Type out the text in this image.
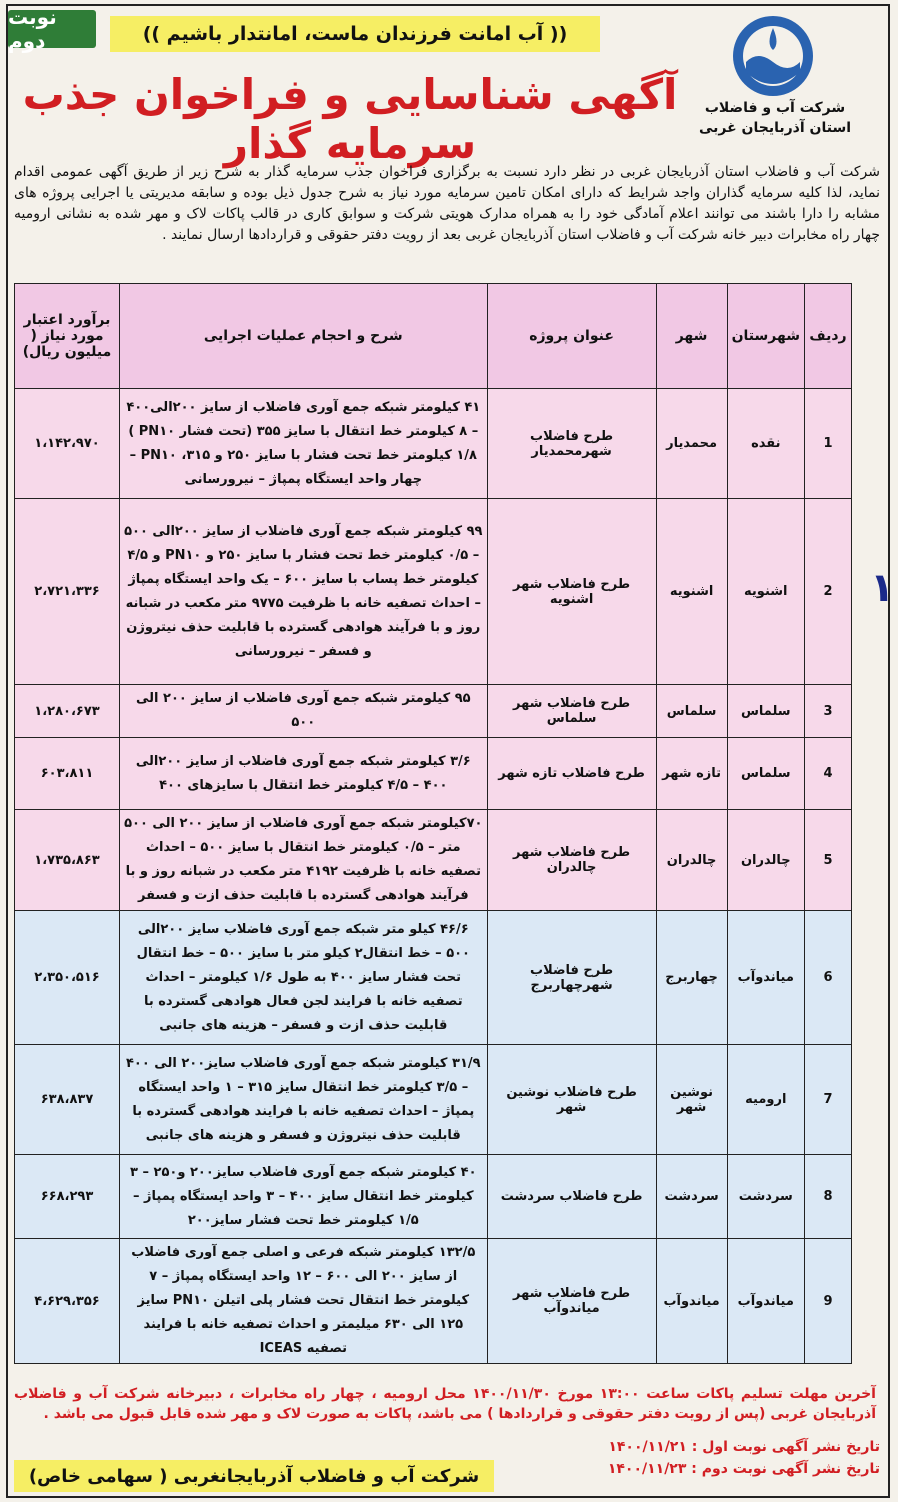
نوبت دوم	(( آب امانت فرزندان ماست، امانتدار باشیم ))
شرکت آب و فاضلاب
استان آذربایجان غربی
آگهی شناسایی و فراخوان جذب سرمایه گذار
شرکت آب و فاضلاب استان آذربایجان غربی در نظر دارد نسبت به برگزاری فراخوان جذب سرمایه گذار به شرح زیر از طریق آگهی عمومی اقدام نماید، لذا کلیه سرمایه گذاران واجد شرایط که دارای امکان تامین سرمایه مورد نیاز به شرح جدول ذیل بوده و سابقه مدیریتی یا اجرایی پروژه های مشابه را دارا باشند می توانند اعلام آمادگی خود را به همراه مدارک هویتی شرکت و سوابق کاری در قالب پاکات لاک و مهر شده به نشانی ارومیه چهار راه مخابرات دبیر خانه شرکت آب و فاضلاب استان آذربایجان غربی بعد از رویت دفتر حقوقی و قراردادها ارسال نمایند .
۱
ردیف	شهرستان	شهر	عنوان پروژه	شرح و احجام عملیات اجرایی	برآورد اعتبار مورد نیاز ( میلیون ریال)
1	نقده	محمدیار	طرح فاضلاب شهرمحمدیار	۴۱ کیلومتر شبکه جمع آوری فاضلاب از سایز ۲۰۰الی۴۰۰ – ۸ کیلومتر خط انتقال با سایز ۳۵۵ (تحت فشار PN۱۰ ) ۱/۸ کیلومتر خط تحت فشار با سایز ۲۵۰ و ۳۱۵، PN۱۰ – چهار واحد ایستگاه پمپاژ – نیرورسانی	۱،۱۴۲،۹۷۰
2	اشنویه	اشنویه	طرح فاضلاب شهر اشنویه	۹۹ کیلومتر شبکه جمع آوری فاضلاب از سایز ۲۰۰الی ۵۰۰ – ۰/۵ کیلومتر خط تحت فشار با سایز ۲۵۰ و PN۱۰ و ۴/۵ کیلومتر خط پساب با سایز ۶۰۰ – یک واحد ایستگاه پمپاژ – احداث تصفیه خانه با ظرفیت ۹۷۷۵ متر مکعب در شبانه روز و با فرآیند هوادهی گسترده با قابلیت حذف نیتروژن و فسفر – نیرورسانی	۲،۷۲۱،۳۳۶
3	سلماس	سلماس	طرح فاضلاب شهر سلماس	۹۵ کیلومتر شبکه جمع آوری فاضلاب از سایز ۲۰۰ الی ۵۰۰	۱،۲۸۰،۶۷۳
4	سلماس	تازه شهر	طرح فاضلاب تازه شهر	۳/۶ کیلومتر شبکه جمع آوری فاضلاب از سایز ۲۰۰الی ۴۰۰ – ۴/۵ کیلومتر خط انتقال با سایزهای ۴۰۰	۶۰۳،۸۱۱
5	چالدران	چالدران	طرح فاضلاب شهر چالدران	۷۰کیلومتر شبکه جمع آوری فاضلاب از سایز ۲۰۰ الی ۵۰۰ متر – ۰/۵ کیلومتر خط انتقال با سایز ۵۰۰ – احداث تصفیه خانه با ظرفیت ۴۱۹۲ متر مکعب در شبانه روز و با فرآیند هوادهی گسترده با قابلیت حذف ازت و فسفر	۱،۷۳۵،۸۶۳
6	میاندوآب	چهاربرج	طرح فاضلاب شهرچهاربرج	۴۶/۶ کیلو متر شبکه جمع آوری فاضلاب سایز ۲۰۰الی ۵۰۰ – خط انتقال۲ کیلو متر با سایز ۵۰۰ – خط انتقال تحت فشار سایز ۴۰۰ به طول ۱/۶ کیلومتر – احداث تصفیه خانه با فرایند لجن فعال هوادهی گسترده با قابلیت حذف ازت و فسفر – هزینه های جانبی	۲،۳۵۰،۵۱۶
7	ارومیه	نوشین شهر	طرح فاضلاب نوشین شهر	۳۱/۹ کیلومتر شبکه جمع آوری فاضلاب سایز۲۰۰ الی ۴۰۰ – ۳/۵ کیلومتر خط انتقال سایز ۳۱۵ – ۱ واحد ایستگاه پمپاژ – احداث تصفیه خانه با فرایند هوادهی گسترده با قابلیت حذف نیتروژن و فسفر و هزینه های جانبی	۶۳۸،۸۳۷
8	سردشت	سردشت	طرح فاضلاب سردشت	۴۰ کیلومتر شبکه جمع آوری فاضلاب سایز۲۰۰ و۲۵۰ – ۳ کیلومتر خط انتقال سایز ۴۰۰ – ۳ واحد ایستگاه پمپاژ – ۱/۵ کیلومتر خط تحت فشار سایز۲۰۰	۶۶۸،۲۹۳
9	میاندوآب	میاندوآب	طرح فاضلاب شهر میاندوآب	۱۳۲/۵ کیلومتر شبکه فرعی و اصلی جمع آوری فاضلاب از سایز ۲۰۰ الی ۶۰۰ – ۱۲ واحد ایستگاه پمپاژ – ۷ کیلومتر خط انتقال تحت فشار پلی اتیلن PN۱۰ سایز ۱۲۵ الی ۶۳۰ میلیمتر و احداث تصفیه خانه با فرایند تصفیه ICEAS	۴،۶۲۹،۳۵۶
آخرین مهلت تسلیم پاکات ساعت ۱۳:۰۰ مورخ ۱۴۰۰/۱۱/۳۰ محل ارومیه ، چهار راه مخابرات ، دبیرخانه شرکت آب و فاضلاب آذربایجان غربی (پس از رویت دفتر حقوقی و قراردادها ) می باشد، پاکات به صورت لاک و مهر شده قابل قبول می باشد .
تاریخ نشر آگهی نوبت اول : ۱۴۰۰/۱۱/۲۱
تاریخ نشر آگهی نوبت دوم : ۱۴۰۰/۱۱/۲۳
شرکت آب و فاضلاب آذربایجانغربی ( سهامی خاص)
